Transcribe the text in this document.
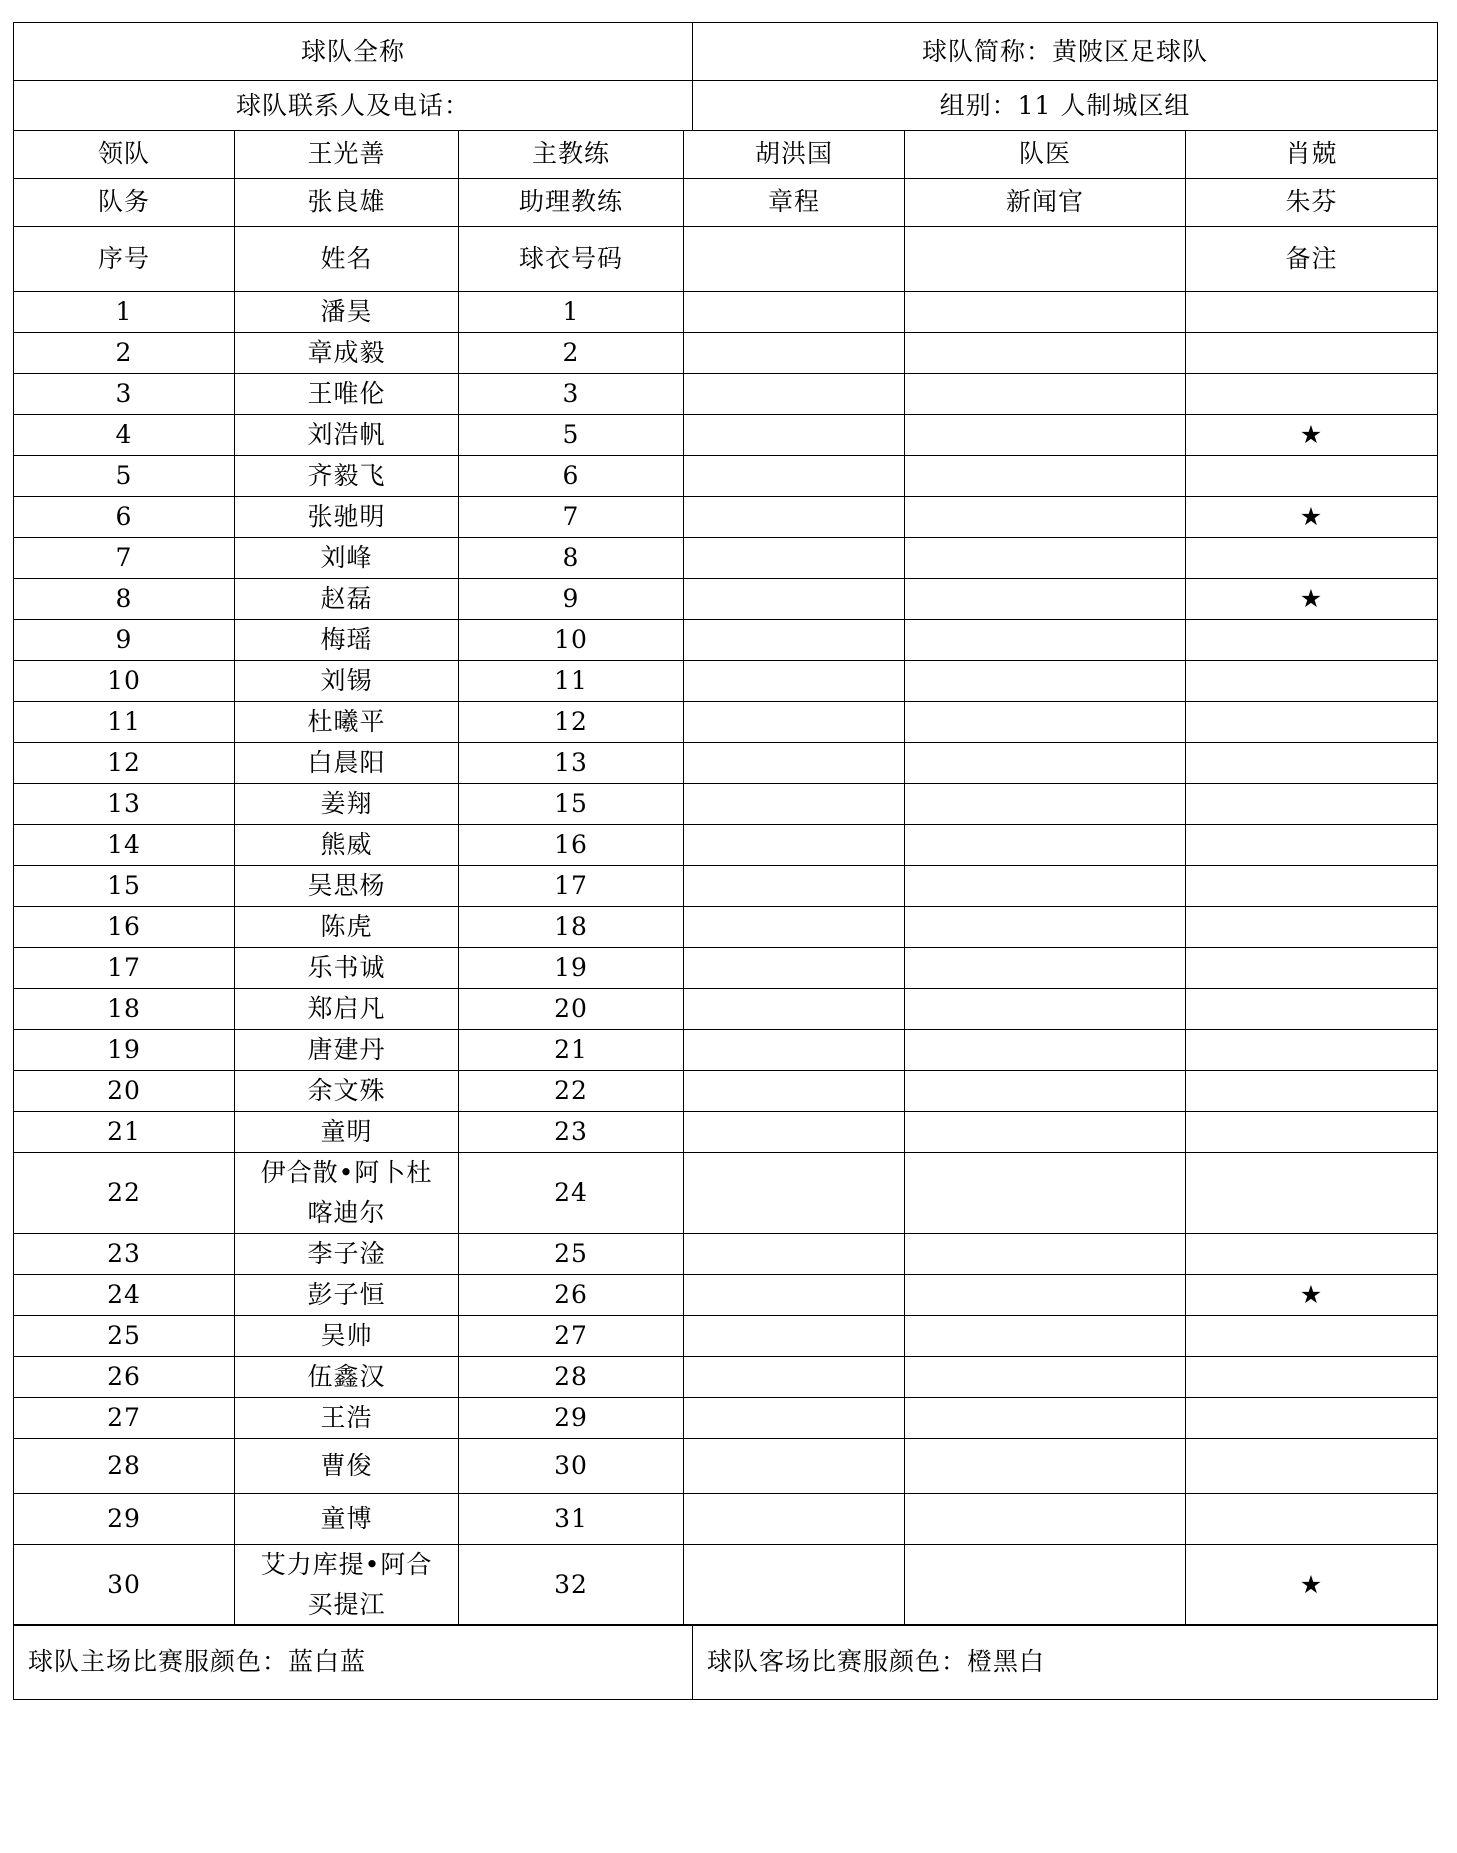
球队全称	球队简称：黄陂区足球队
球队联系人及电话：	组别：11 人制城区组
领队	王光善	主教练	胡洪国	队医	肖兢
队务	张良雄	助理教练	章程	新闻官	朱芬
序号	姓名	球衣号码			备注
1	潘昊	1			
2	章成毅	2			
3	王唯伦	3			
4	刘浩帆	5			★
5	齐毅飞	6			
6	张驰明	7			★
7	刘峰	8			
8	赵磊	9			★
9	梅瑶	10			
10	刘锡	11			
11	杜曦平	12			
12	白晨阳	13			
13	姜翔	15			
14	熊威	16			
15	吴思杨	17			
16	陈虎	18			
17	乐书诚	19			
18	郑启凡	20			
19	唐建丹	21			
20	余文殊	22			
21	童明	23			
22	伊合散•阿卜杜喀迪尔	24			
23	李子淦	25			
24	彭子恒	26			★
25	吴帅	27			
26	伍鑫汉	28			
27	王浩	29			
28	曹俊	30			
29	童博	31			
30	艾力库提•阿合买提江	32			★
球队主场比赛服颜色：蓝白蓝	球队客场比赛服颜色：橙黑白
